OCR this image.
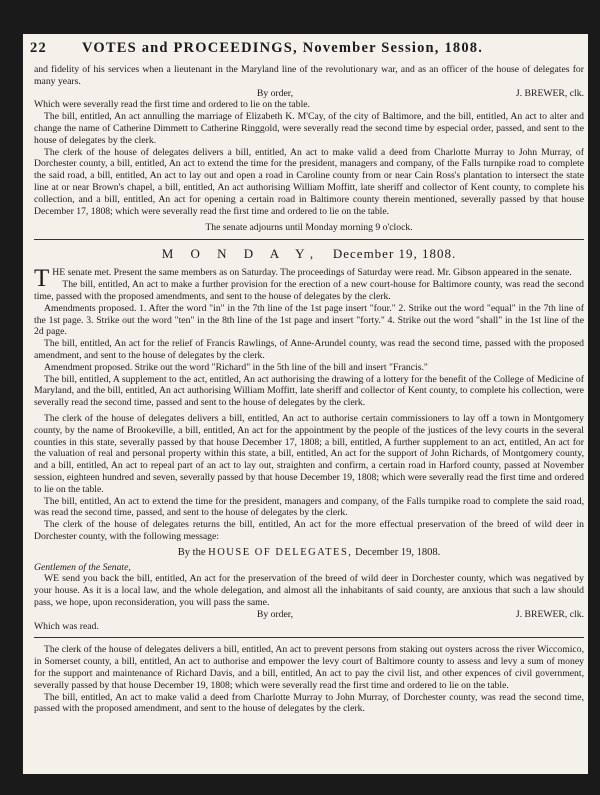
22 VOTES and PROCEEDINGS, November Session, 1808.

and fidelity of his services when a lieutenant in the Maryland line of the revolutionary war, and as an officer of the house of delegates for many years.

By order,	J. BREWER, clk.

Which were severally read the first time and ordered to lie on the table.

The bill, entitled, An act annulling the marriage of Elizabeth K. M'Cay, of the city of Baltimore, and the bill, entitled, An act to alter and change the name of Catherine Dimmett to Catherine Ringgold, were severally read the second time by especial order, passed, and sent to the house of delegates by the clerk.

The clerk of the house of delegates delivers a bill, entitled, An act to make valid a deed from Charlotte Murray to John Murray, of Dorchester county, a bill, entitled, An act to extend the time for the president, managers and company, of the Falls turnpike road to complete the said road, a bill, entitled, An act to lay out and open a road in Caroline county from or near Cain Ross's plantation to intersect the state line at or near Brown's chapel, a bill, entitled, An act authorising William Moffitt, late sheriff and collector of Kent county, to complete his collection, and a bill, entitled, An act for opening a certain road in Baltimore county therein mentioned, severally passed by that house December 17, 1808; which were severally read the first time and ordered to lie on the table.

The senate adjourns until Monday morning 9 o'clock.
M O N D A Y, December 19, 1808.

THE senate met. Present the same members as on Saturday. The proceedings of Saturday were read. Mr. Gibson appeared in the senate.

The bill, entitled, An act to make a further provision for the erection of a new court-house for Baltimore county, was read the second time, passed with the proposed amendments, and sent to the house of delegates by the clerk.

Amendments proposed. 1. After the word "in" in the 7th line of the 1st page insert "four." 2. Strike out the word "equal" in the 7th line of the 1st page. 3. Strike out the word "ten" in the 8th line of the 1st page and insert "forty." 4. Strike out the word "shall" in the 1st line of the 2d page.

The bill, entitled, An act for the relief of Francis Rawlings, of Anne-Arundel county, was read the second time, passed with the proposed amendment, and sent to the house of delegates by the clerk.

Amendment proposed. Strike out the word "Richard" in the 5th line of the bill and insert "Francis."

The bill, entitled, A supplement to the act, entitled, An act authorising the drawing of a lottery for the benefit of the College of Medicine of Maryland, and the bill, entitled, An act authorising William Moffitt, late sheriff and collector of Kent county, to complete his collection, were severally read the second time, passed and sent to the house of delegates by the clerk.

The clerk of the house of delegates delivers a bill, entitled, An act to authorise certain commissioners to lay off a town in Montgomery county, by the name of Brookeville, a bill, entitled, An act for the appointment by the people of the justices of the levy courts in the several counties in this state, severally passed by that house December 17, 1808; a bill, entitled, A further supplement to an act, entitled, An act for the valuation of real and personal property within this state, a bill, entitled, An act for the support of John Richards, of Montgomery county, and a bill, entitled, An act to repeal part of an act to lay out, straighten and confirm, a certain road in Harford county, passed at November session, eighteen hundred and seven, severally passed by that house December 19, 1808; which were severally read the first time and ordered to lie on the table.

The bill, entitled, An act to extend the time for the president, managers and company, of the Falls turnpike road to complete the said road, was read the second time, passed, and sent to the house of delegates by the clerk.

The clerk of the house of delegates returns the bill, entitled, An act for the more effectual preservation of the breed of wild deer in Dorchester county, with the following message:

By the HOUSE OF DELEGATES, December 19, 1808.

Gentlemen of the Senate,

WE send you back the bill, entitled, An act for the preservation of the breed of wild deer in Dorchester county, which was negatived by your house. As it is a local law, and the whole delegation, and almost all the inhabitants of said county, are anxious that such a law should pass, we hope, upon reconsideration, you will pass the same.

By order,	J. BREWER, clk.

Which was read.

The clerk of the house of delegates delivers a bill, entitled, An act to prevent persons from staking out oysters across the river Wiccomico, in Somerset county, a bill, entitled, An act to authorise and empower the levy court of Baltimore county to assess and levy a sum of money for the support and maintenance of Richard Davis, and a bill, entitled, An act to pay the civil list, and other expences of civil government, severally passed by that house December 19, 1808; which were severally read the first time and ordered to lie on the table.

The bill, entitled, An act to make valid a deed from Charlotte Murray to John Murray, of Dorchester county, was read the second time, passed with the proposed amendment, and sent to the house of delegates by the clerk.
